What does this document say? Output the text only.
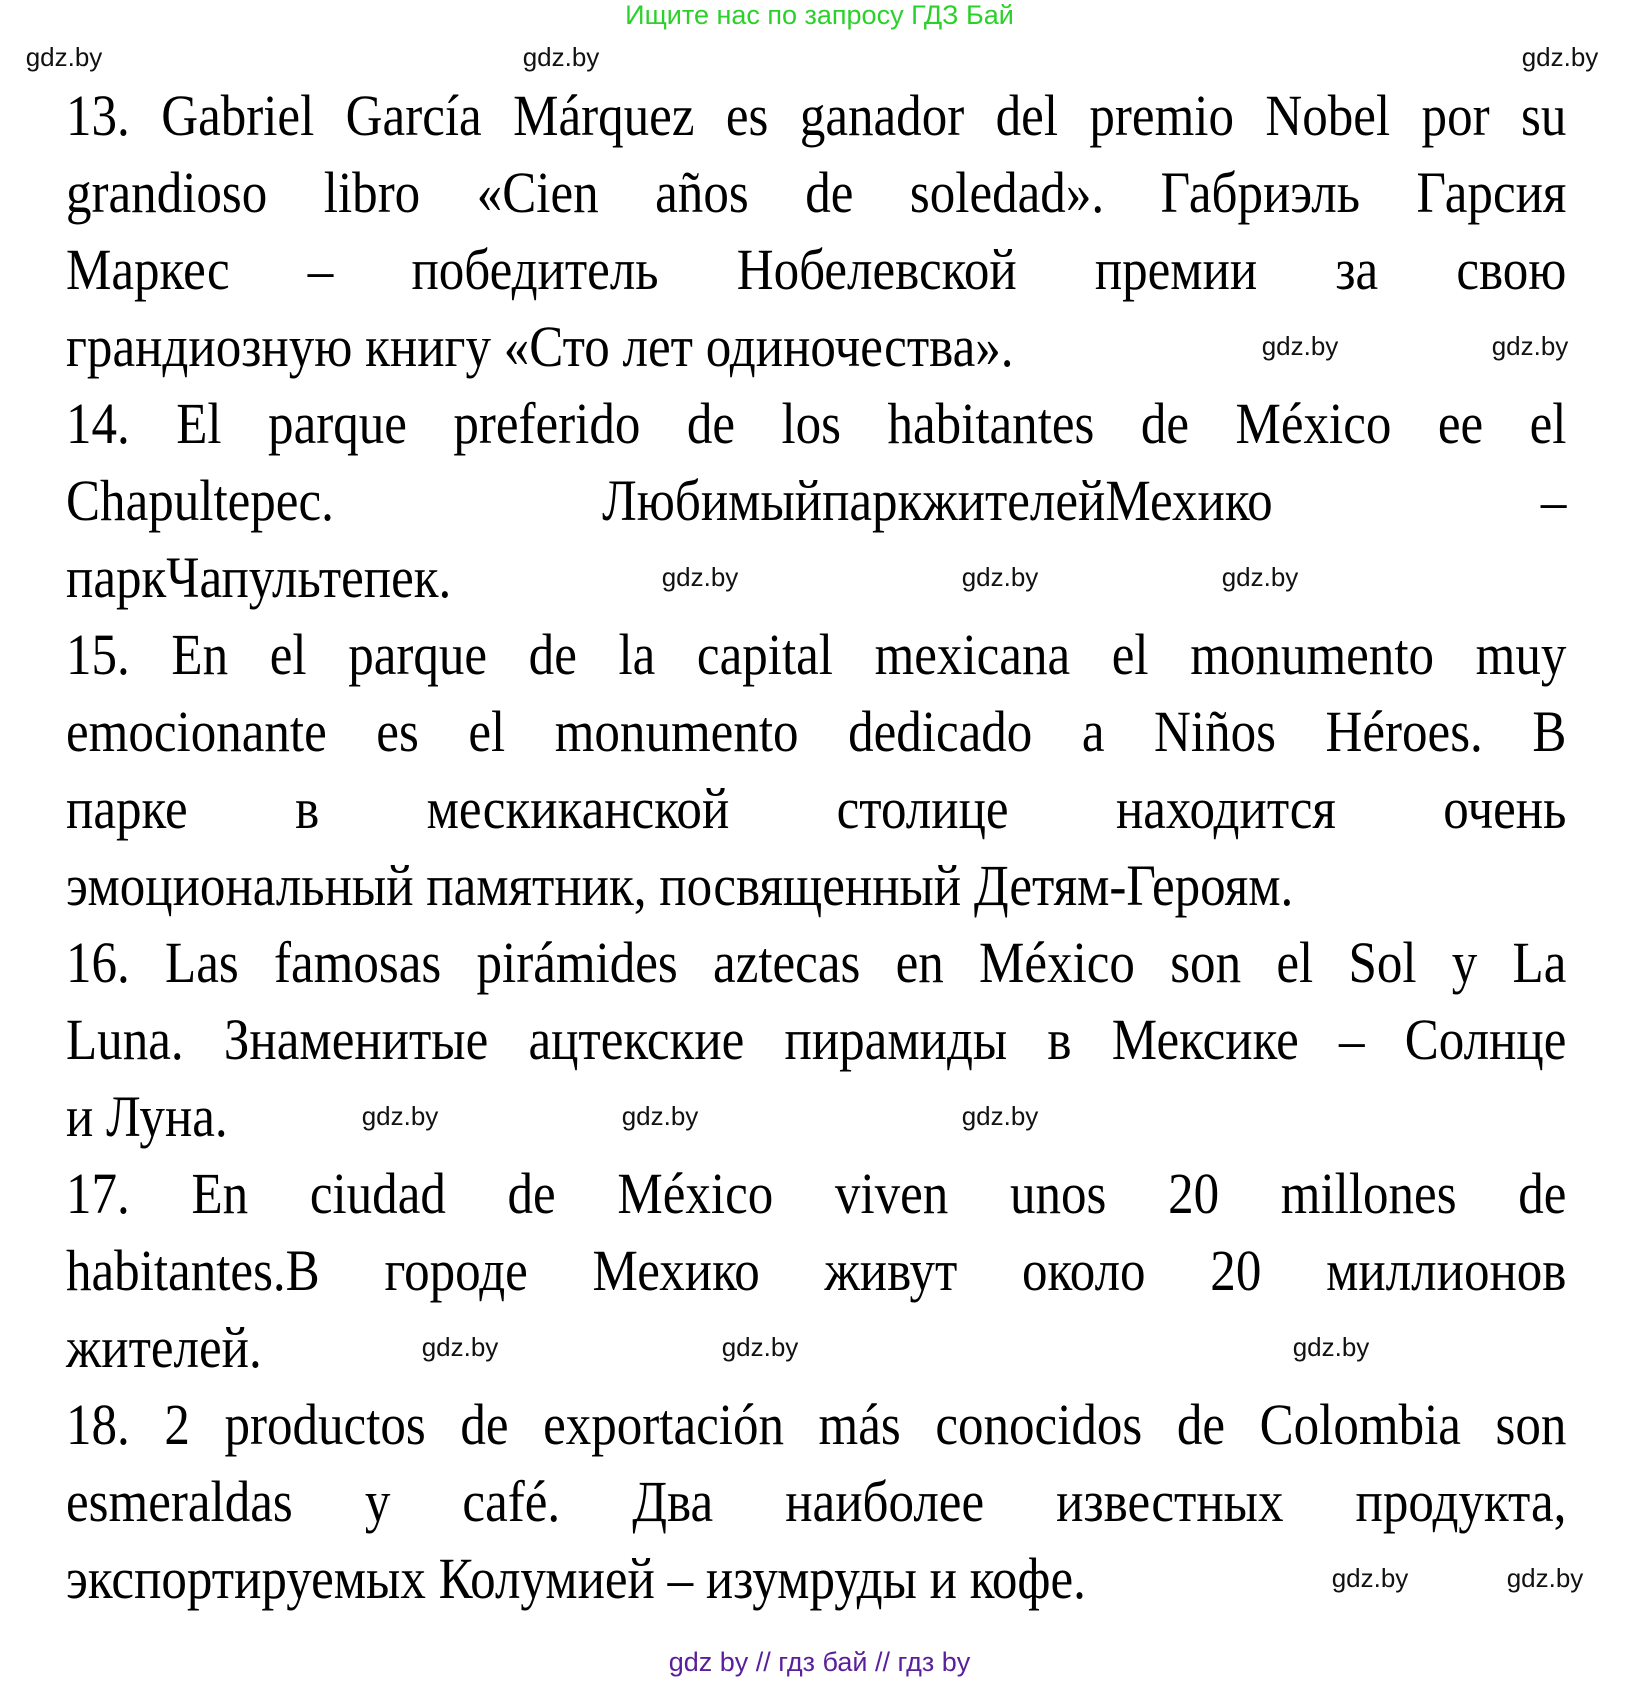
Ищите нас по запросу ГДЗ Бай
13. Gabriel García Márquez es ganador del premio Nobel por su
grandioso libro «Cien años de soledad». Габриэль Гарсия
Маркес – победитель Нобелевской премии за свою
грандиозную книгу «Сто лет одиночества».
14. El parque preferido de los habitantes de México ee el
Chapultepec. ЛюбимыйпаркжителейМехико –
паркЧапультепек.
15. En el parque de la capital mexicana el monumento muy
emocionante es el monumento dedicado a Niños Héroes. В
парке в мескиканской столице находится очень
эмоциональный памятник, посвященный Детям-Героям.
16. Las famosas pirámides aztecas en México son el Sol y La
Luna. Знаменитые ацтекские пирамиды в Мексике – Солнце
и Луна.
17. En ciudad de México viven unos 20 millones de
habitantes.В городе Мехико живут около 20 миллионов
жителей.
18. 2 productos de exportación más conocidos de Colombia son
esmeraldas y café. Два наиболее известных продукта,
экспортируемых Колумией – изумруды и кофе.
gdz.by	gdz.by	gdz.by
gdz.by	gdz.by
gdz.by	gdz.by	gdz.by
gdz.by	gdz.by	gdz.by
gdz.by	gdz.by	gdz.by
gdz.by	gdz.by
gdz by // гдз бай // гдз by
